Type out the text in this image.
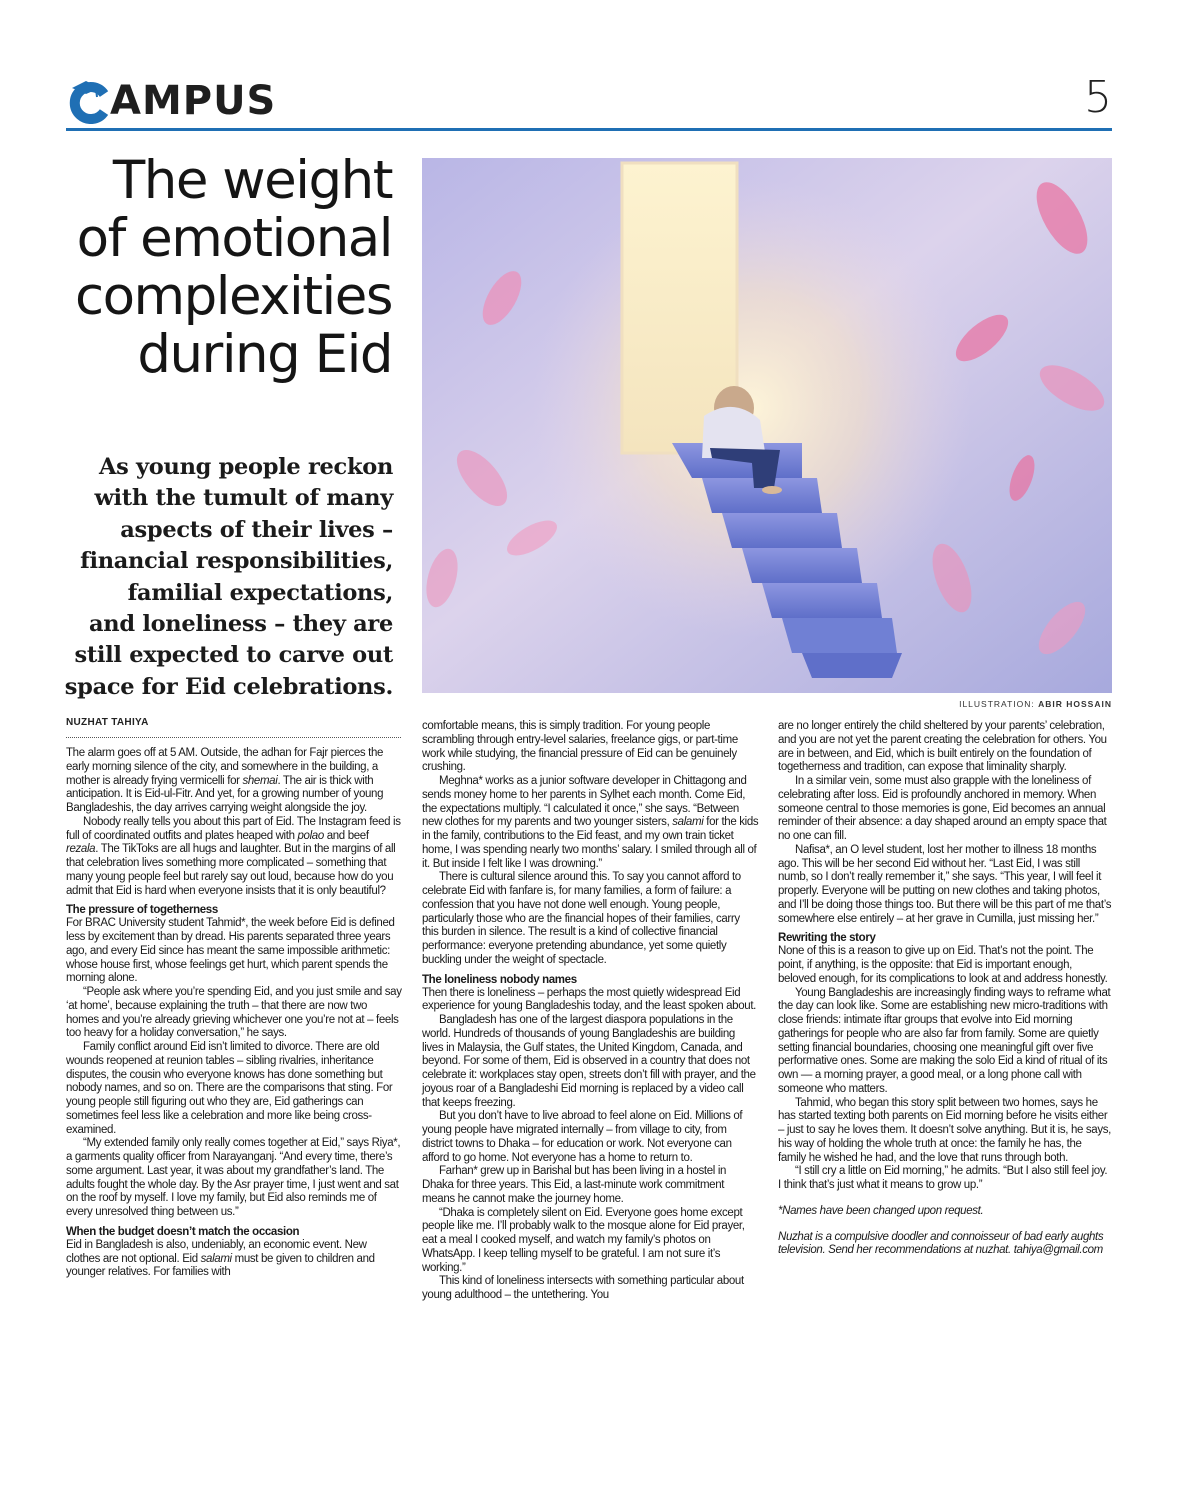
AMPUS	5
The weight
of emotional
complexities
during Eid
As young people reckon
with the tumult of many
aspects of their lives –
financial responsibilities,
familial expectations,
and loneliness – they are
still expected to carve out
space for Eid celebrations.
ILLUSTRATION: ABIR HOSSAIN
NUZHAT TAHIYA

The alarm goes off at 5 AM. Outside, the adhan for Fajr pierces the early morning silence of the city, and somewhere in the building, a mother is already frying vermicelli for shemai. The air is thick with anticipation. It is Eid-ul-Fitr. And yet, for a growing number of young Bangladeshis, the day arrives carrying weight alongside the joy.

Nobody really tells you about this part of Eid. The Instagram feed is full of coordinated outfits and plates heaped with polao and beef rezala. The TikToks are all hugs and laughter. But in the margins of all that celebration lives something more complicated – something that many young people feel but rarely say out loud, because how do you admit that Eid is hard when everyone insists that it is only beautiful?

The pressure of togetherness

For BRAC University student Tahmid*, the week before Eid is defined less by excitement than by dread. His parents separated three years ago, and every Eid since has meant the same impossible arithmetic: whose house first, whose feelings get hurt, which parent spends the morning alone.

“People ask where you’re spending Eid, and you just smile and say ‘at home’, because explaining the truth – that there are now two homes and you’re already grieving whichever one you’re not at – feels too heavy for a holiday conversation,” he says.

Family conflict around Eid isn’t limited to divorce. There are old wounds reopened at reunion tables – sibling rivalries, inheritance disputes, the cousin who everyone knows has done something but nobody names, and so on. There are the comparisons that sting. For young people still figuring out who they are, Eid gatherings can sometimes feel less like a celebration and more like being cross-examined.

“My extended family only really comes together at Eid,” says Riya*, a garments quality officer from Narayanganj. “And every time, there’s some argument. Last year, it was about my grandfather’s land. The adults fought the whole day. By the Asr prayer time, I just went and sat on the roof by myself. I love my family, but Eid also reminds me of every unresolved thing between us.”

When the budget doesn’t match the occasion

Eid in Bangladesh is also, undeniably, an economic event. New clothes are not optional. Eid salami must be given to children and younger relatives. For families with

comfortable means, this is simply tradition. For young people scrambling through entry-level salaries, freelance gigs, or part-time work while studying, the financial pressure of Eid can be genuinely crushing.

Meghna* works as a junior software developer in Chittagong and sends money home to her parents in Sylhet each month. Come Eid, the expectations multiply. “I calculated it once,” she says. “Between new clothes for my parents and two younger sisters, salami for the kids in the family, contributions to the Eid feast, and my own train ticket home, I was spending nearly two months’ salary. I smiled through all of it. But inside I felt like I was drowning.”

There is cultural silence around this. To say you cannot afford to celebrate Eid with fanfare is, for many families, a form of failure: a confession that you have not done well enough. Young people, particularly those who are the financial hopes of their families, carry this burden in silence. The result is a kind of collective financial performance: everyone pretending abundance, yet some quietly buckling under the weight of spectacle.

The loneliness nobody names

Then there is loneliness – perhaps the most quietly widespread Eid experience for young Bangladeshis today, and the least spoken about.

Bangladesh has one of the largest diaspora populations in the world. Hundreds of thousands of young Bangladeshis are building lives in Malaysia, the Gulf states, the United Kingdom, Canada, and beyond. For some of them, Eid is observed in a country that does not celebrate it: workplaces stay open, streets don’t fill with prayer, and the joyous roar of a Bangladeshi Eid morning is replaced by a video call that keeps freezing.

But you don’t have to live abroad to feel alone on Eid. Millions of young people have migrated internally – from village to city, from district towns to Dhaka – for education or work. Not everyone can afford to go home. Not everyone has a home to return to.

Farhan* grew up in Barishal but has been living in a hostel in Dhaka for three years. This Eid, a last-minute work commitment means he cannot make the journey home.

“Dhaka is completely silent on Eid. Everyone goes home except people like me. I’ll probably walk to the mosque alone for Eid prayer, eat a meal I cooked myself, and watch my family’s photos on WhatsApp. I keep telling myself to be grateful. I am not sure it’s working.”

This kind of loneliness intersects with something particular about young adulthood – the untethering. You

are no longer entirely the child sheltered by your parents’ celebration, and you are not yet the parent creating the celebration for others. You are in between, and Eid, which is built entirely on the foundation of togetherness and tradition, can expose that liminality sharply.

In a similar vein, some must also grapple with the loneliness of celebrating after loss. Eid is profoundly anchored in memory. When someone central to those memories is gone, Eid becomes an annual reminder of their absence: a day shaped around an empty space that no one can fill.

Nafisa*, an O level student, lost her mother to illness 18 months ago. This will be her second Eid without her. “Last Eid, I was still numb, so I don’t really remember it,” she says. “This year, I will feel it properly. Everyone will be putting on new clothes and taking photos, and I’ll be doing those things too. But there will be this part of me that’s somewhere else entirely – at her grave in Cumilla, just missing her.”

Rewriting the story

None of this is a reason to give up on Eid. That’s not the point. The point, if anything, is the opposite: that Eid is important enough, beloved enough, for its complications to look at and address honestly.

Young Bangladeshis are increasingly finding ways to reframe what the day can look like. Some are establishing new micro-traditions with close friends: intimate iftar groups that evolve into Eid morning gatherings for people who are also far from family. Some are quietly setting financial boundaries, choosing one meaningful gift over five performative ones. Some are making the solo Eid a kind of ritual of its own — a morning prayer, a good meal, or a long phone call with someone who matters.

Tahmid, who began this story split between two homes, says he has started texting both parents on Eid morning before he visits either – just to say he loves them. It doesn’t solve anything. But it is, he says, his way of holding the whole truth at once: the family he has, the family he wished he had, and the love that runs through both.

“I still cry a little on Eid morning,” he admits. “But I also still feel joy. I think that’s just what it means to grow up.”

*Names have been changed upon request.

Nuzhat is a compulsive doodler and connoisseur of bad early aughts television. Send her recommendations at nuzhat. tahiya@gmail.com
